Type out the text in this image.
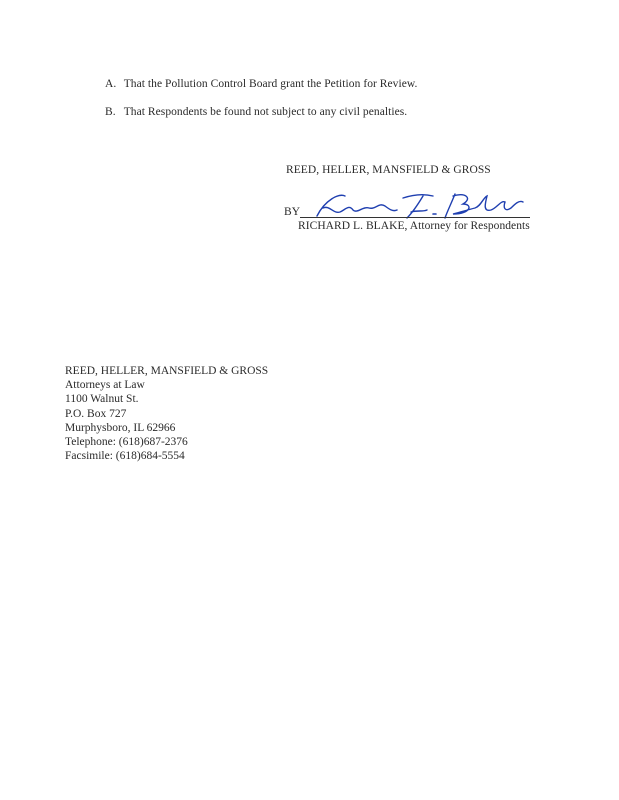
A. That the Pollution Control Board grant the Petition for Review.
B. That Respondents be found not subject to any civil penalties.
REED, HELLER, MANSFIELD & GROSS
BY
RICHARD L. BLAKE, Attorney for Respondents
REED, HELLER, MANSFIELD & GROSS
Attorneys at Law
1100 Walnut St.
P.O. Box 727
Murphysboro, IL 62966
Telephone: (618)687-2376
Facsimile: (618)684-5554
